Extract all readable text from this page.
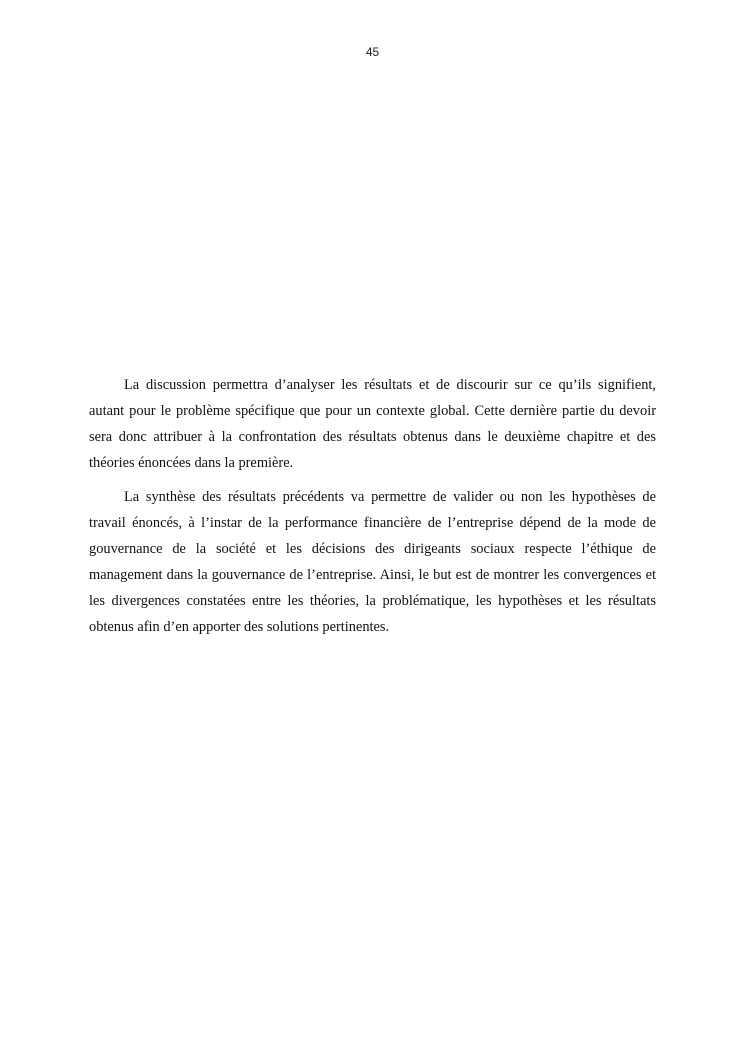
45

La discussion permettra d’analyser les résultats et de discourir sur ce qu’ils signifient, autant pour le problème spécifique que pour un contexte global. Cette dernière partie du devoir sera donc attribuer à la confrontation des résultats obtenus dans le deuxième chapitre et des théories énoncées dans la première.

La synthèse des résultats précédents va permettre de valider ou non les hypothèses de travail énoncés, à l’instar de la performance financière de l’entreprise dépend de la mode de gouvernance de la société et les décisions des dirigeants sociaux respecte l’éthique de management dans la gouvernance de l’entreprise. Ainsi, le but est de montrer les convergences et les divergences constatées entre les théories, la problématique, les hypothèses et les résultats obtenus afin d’en apporter des solutions pertinentes.
